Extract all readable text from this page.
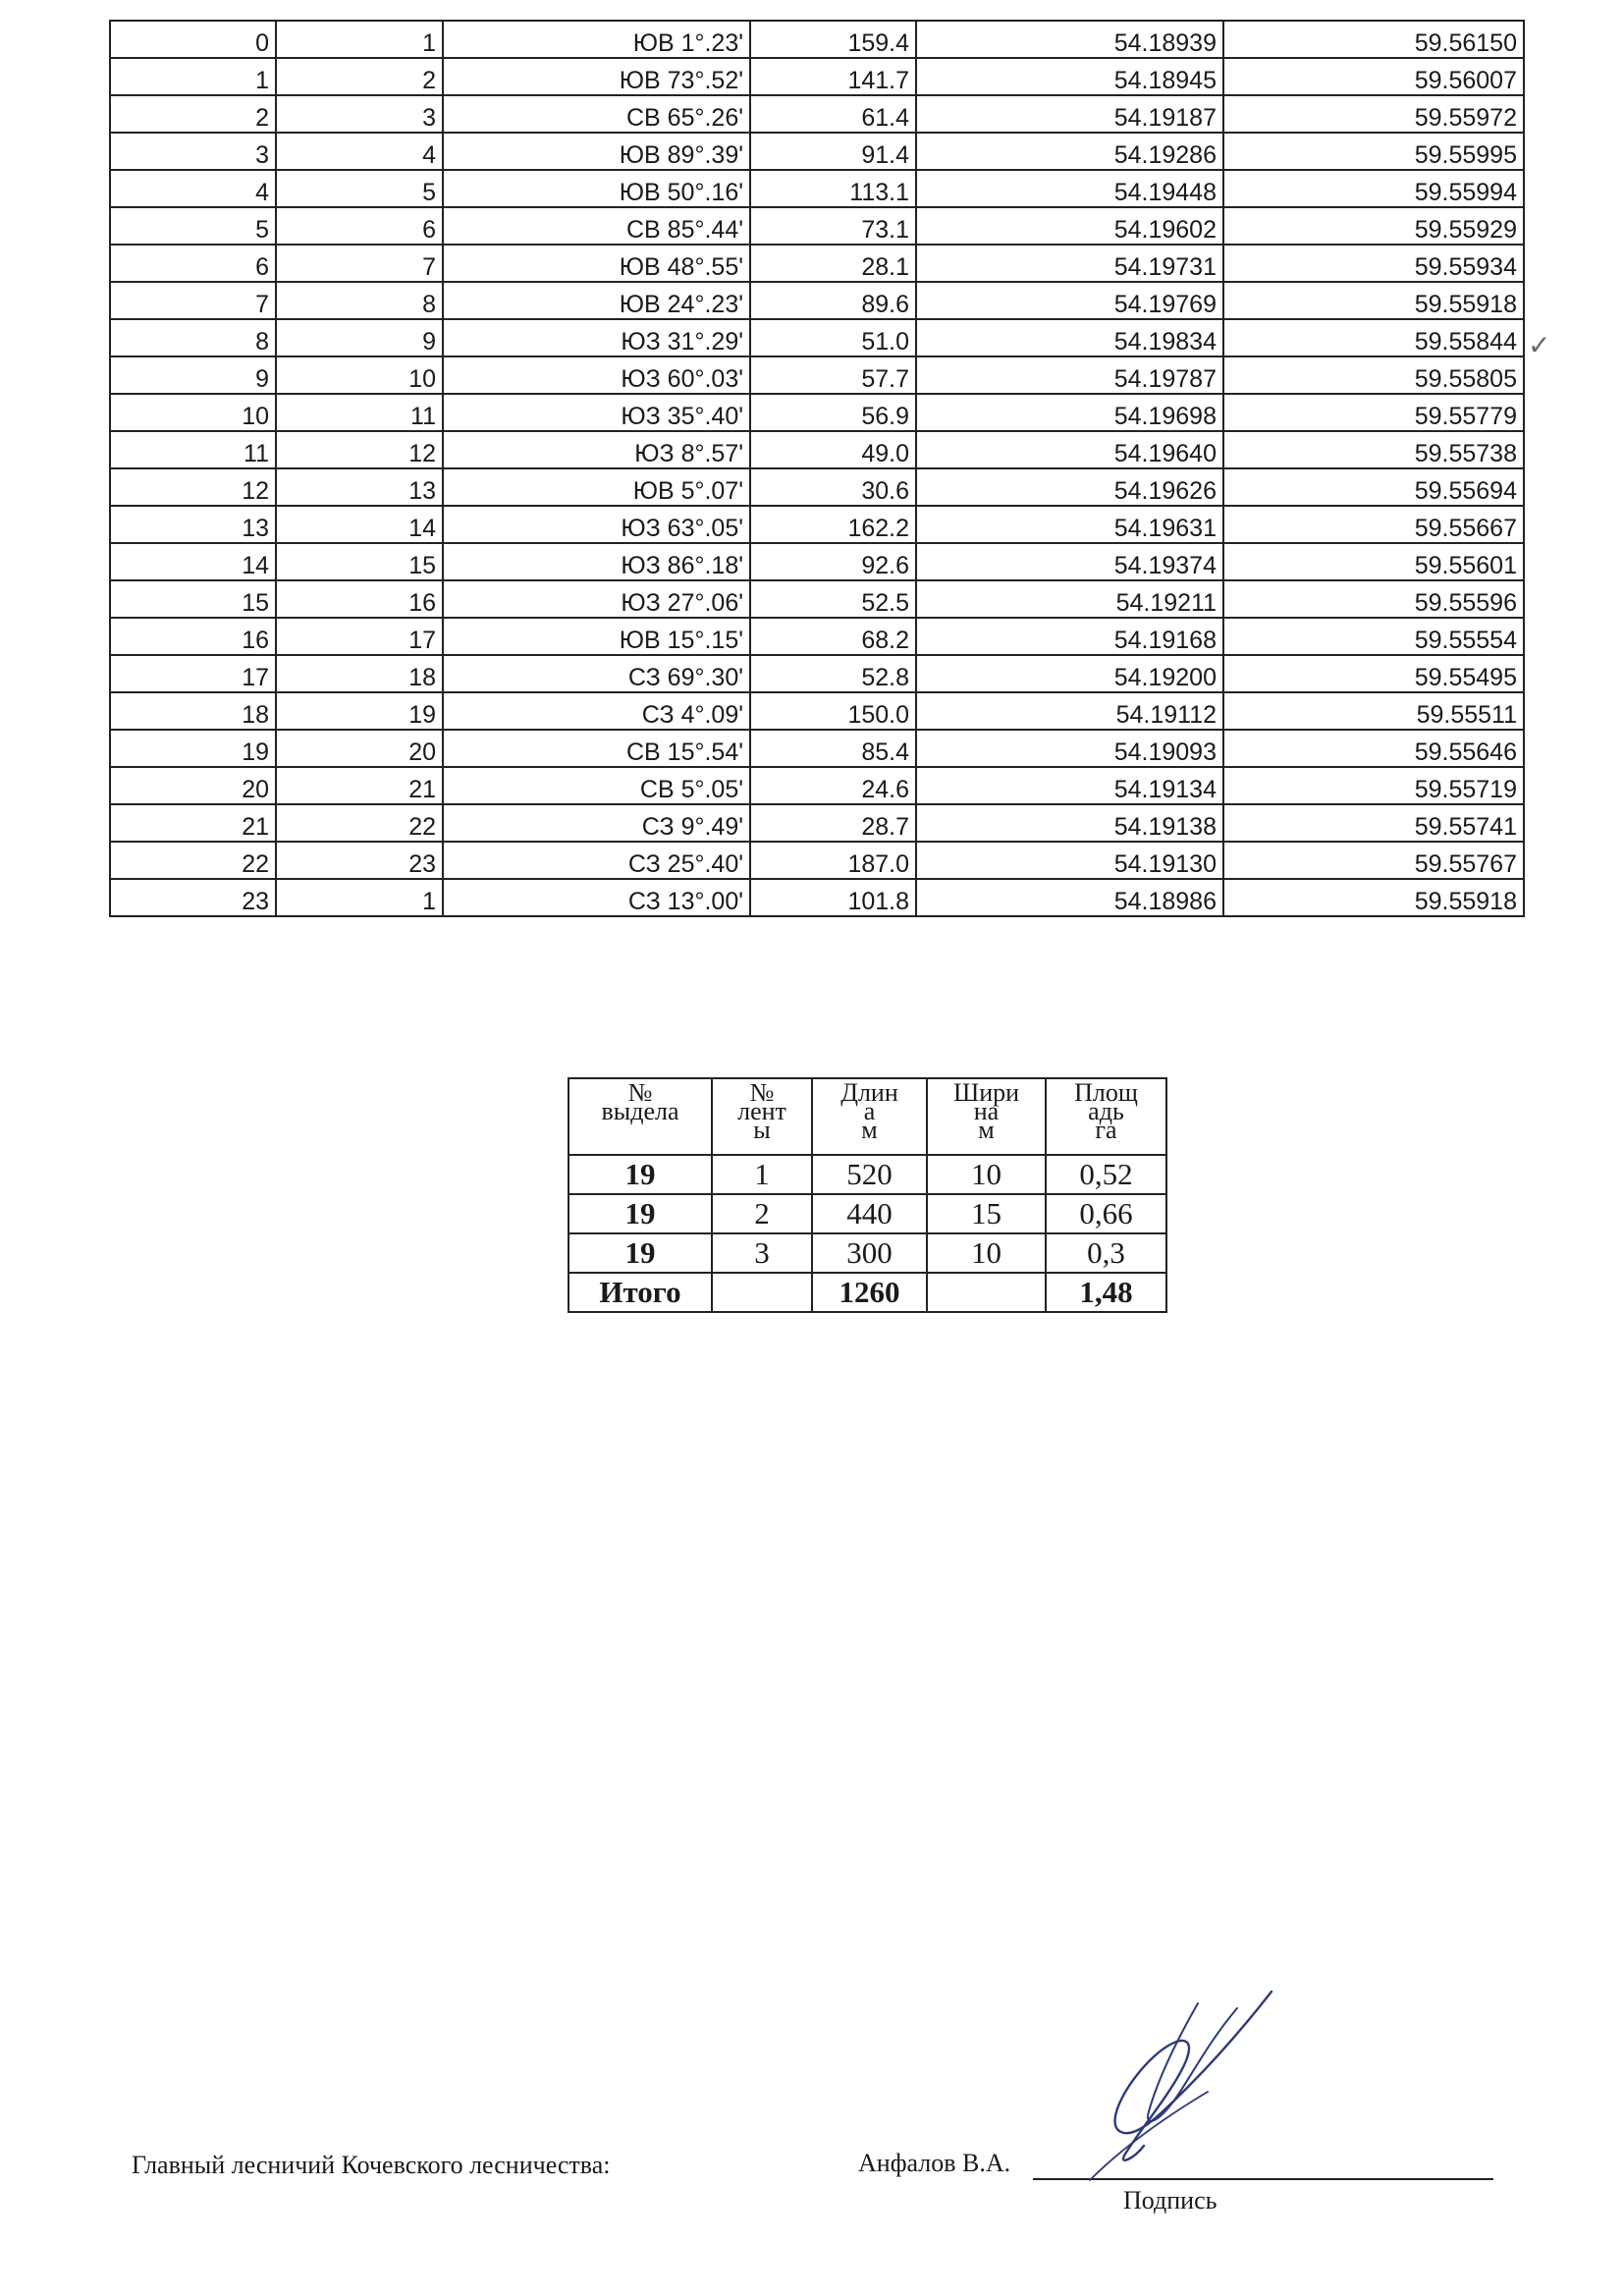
0	1	ЮВ 1°.23'	159.4	54.18939	59.56150
1	2	ЮВ 73°.52'	141.7	54.18945	59.56007
2	3	СВ 65°.26'	61.4	54.19187	59.55972
3	4	ЮВ 89°.39'	91.4	54.19286	59.55995
4	5	ЮВ 50°.16'	113.1	54.19448	59.55994
5	6	СВ 85°.44'	73.1	54.19602	59.55929
6	7	ЮВ 48°.55'	28.1	54.19731	59.55934
7	8	ЮВ 24°.23'	89.6	54.19769	59.55918
8	9	ЮЗ 31°.29'	51.0	54.19834	59.55844
9	10	ЮЗ 60°.03'	57.7	54.19787	59.55805
10	11	ЮЗ 35°.40'	56.9	54.19698	59.55779
11	12	ЮЗ 8°.57'	49.0	54.19640	59.55738
12	13	ЮВ 5°.07'	30.6	54.19626	59.55694
13	14	ЮЗ 63°.05'	162.2	54.19631	59.55667
14	15	ЮЗ 86°.18'	92.6	54.19374	59.55601
15	16	ЮЗ 27°.06'	52.5	54.19211	59.55596
16	17	ЮВ 15°.15'	68.2	54.19168	59.55554
17	18	СЗ 69°.30'	52.8	54.19200	59.55495
18	19	СЗ 4°.09'	150.0	54.19112	59.55511
19	20	СВ 15°.54'	85.4	54.19093	59.55646
20	21	СВ 5°.05'	24.6	54.19134	59.55719
21	22	СЗ 9°.49'	28.7	54.19138	59.55741
22	23	СЗ 25°.40'	187.0	54.19130	59.55767
23	1	СЗ 13°.00'	101.8	54.18986	59.55918
✓
№
выдела	№
лент
ы	Длин
а
м	Шири
на
м	Площ
адь
га
19	1	520	10	0,52
19	2	440	15	0,66
19	3	300	10	0,3
Итого		1260		1,48
Главный лесничий Кочевского лесничества:	Анфалов В.А.
Подпись
